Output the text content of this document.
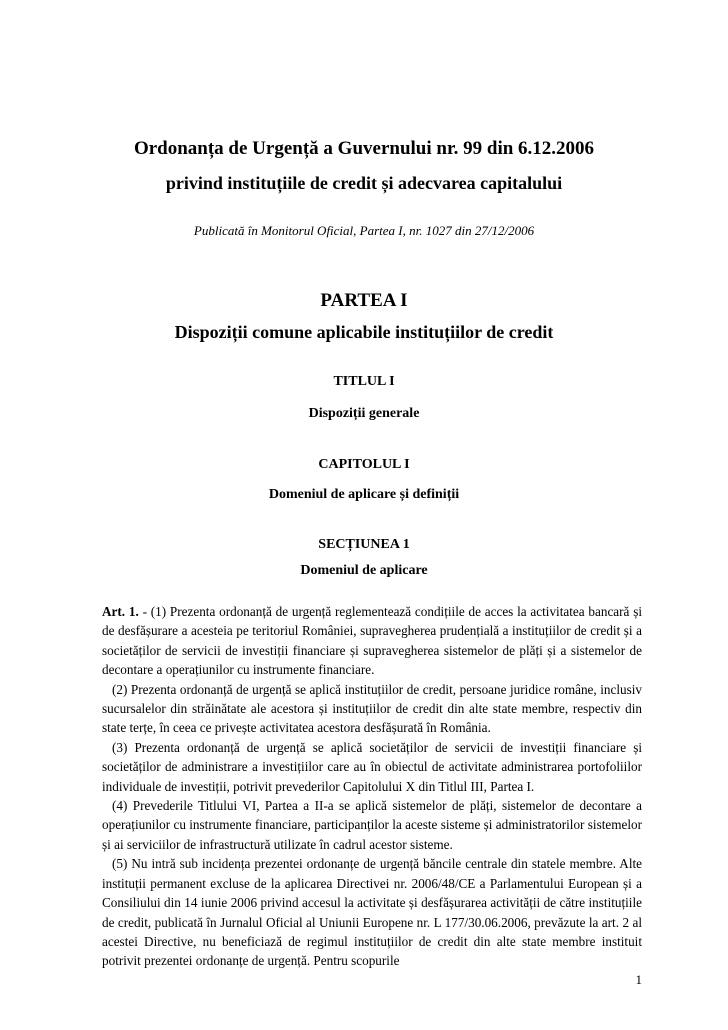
Ordonanța de Urgență a Guvernului nr. 99 din 6.12.2006
privind instituțiile de credit și adecvarea capitalului
Publicată în Monitorul Oficial, Partea I, nr. 1027 din 27/12/2006
PARTEA I
Dispoziții comune aplicabile instituțiilor de credit
TITLUL I
Dispoziții generale
CAPITOLUL I
Domeniul de aplicare și definiții
SECȚIUNEA 1
Domeniul de aplicare

Art. 1. - (1) Prezenta ordonanță de urgență reglementează condițiile de acces la activitatea bancară și de desfășurare a acesteia pe teritoriul României, supravegherea prudențială a instituțiilor de credit și a societăților de servicii de investiții financiare și supravegherea sistemelor de plăți și a sistemelor de decontare a operațiunilor cu instrumente financiare.

(2) Prezenta ordonanță de urgență se aplică instituțiilor de credit, persoane juridice române, inclusiv sucursalelor din străinătate ale acestora și instituțiilor de credit din alte state membre, respectiv din state terțe, în ceea ce privește activitatea acestora desfășurată în România.

(3) Prezenta ordonanță de urgență se aplică societăților de servicii de investiții financiare și societăților de administrare a investițiilor care au în obiectul de activitate administrarea portofoliilor individuale de investiții, potrivit prevederilor Capitolului X din Titlul III, Partea I.

(4) Prevederile Titlului VI, Partea a II-a se aplică sistemelor de plăți, sistemelor de decontare a operațiunilor cu instrumente financiare, participanților la aceste sisteme și administratorilor sistemelor și ai serviciilor de infrastructură utilizate în cadrul acestor sisteme.

(5) Nu intră sub incidența prezentei ordonanțe de urgență băncile centrale din statele membre. Alte instituții permanent excluse de la aplicarea Directivei nr. 2006/48/CE a Parlamentului European și a Consiliului din 14 iunie 2006 privind accesul la activitate și desfășurarea activității de către instituțiile de credit, publicată în Jurnalul Oficial al Uniunii Europene nr. L 177/30.06.2006, prevăzute la art. 2 al acestei Directive, nu beneficiază de regimul instituțiilor de credit din alte state membre instituit potrivit prezentei ordonanțe de urgență. Pentru scopurile

1
